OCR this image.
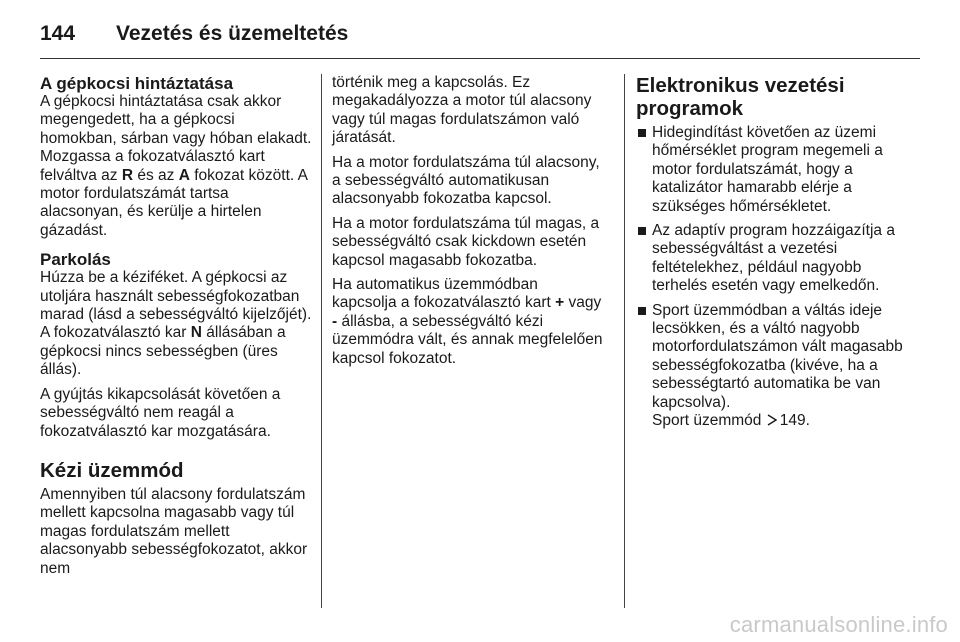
144	Vezetés és üzemeltetés
A gépkocsi hintáztatása
A gépkocsi hintáztatása csak akkor megengedett, ha a gépkocsi homokban, sárban vagy hóban elakadt. Mozgassa a fokozatválasztó kart felváltva az R és az A fokozat között. A motor fordulatszámát tartsa alacsonyan, és kerülje a hirtelen gázadást.
Parkolás
Húzza be a kéziféket. A gépkocsi az utoljára használt sebességfokozatban marad (lásd a sebességváltó kijelzőjét).
A fokozatválasztó kar N állásában a gépkocsi nincs sebességben (üres állás).
A gyújtás kikapcsolását követően a sebességváltó nem reagál a fokozatválasztó kar mozgatására.
Kézi üzemmód
Amennyiben túl alacsony fordulatszám mellett kapcsolna magasabb vagy túl magas fordulatszám mellett alacsonyabb sebességfokozatot, akkor nem
történik meg a kapcsolás. Ez megakadályozza a motor túl alacsony vagy túl magas fordulatszámon való járatását.
Ha a motor fordulatszáma túl alacsony, a sebességváltó automatikusan alacsonyabb fokozatba kapcsol.
Ha a motor fordulatszáma túl magas, a sebességváltó csak kickdown esetén kapcsol magasabb fokozatba.
Ha automatikus üzemmódban kapcsolja a fokozatválasztó kart + vagy - állásba, a sebességváltó kézi üzemmódra vált, és annak megfelelően kapcsol fokozatot.
Elektronikus vezetési programok
Hidegindítást követően az üzemi hőmérséklet program megemeli a motor fordulatszámát, hogy a katalizátor hamarabb elérje a szükséges hőmérsékletet.
Az adaptív program hozzáigazítja a sebességváltást a vezetési feltételekhez, például nagyobb terhelés esetén vagy emelkedőn.
Sport üzemmódban a váltás ideje lecsökken, és a váltó nagyobb motorfordulatszámon vált magasabb sebességfokozatba (kivéve, ha a sebességtartó automatika be van kapcsolva).
Sport üzemmód 149.
carmanualsonline.info
